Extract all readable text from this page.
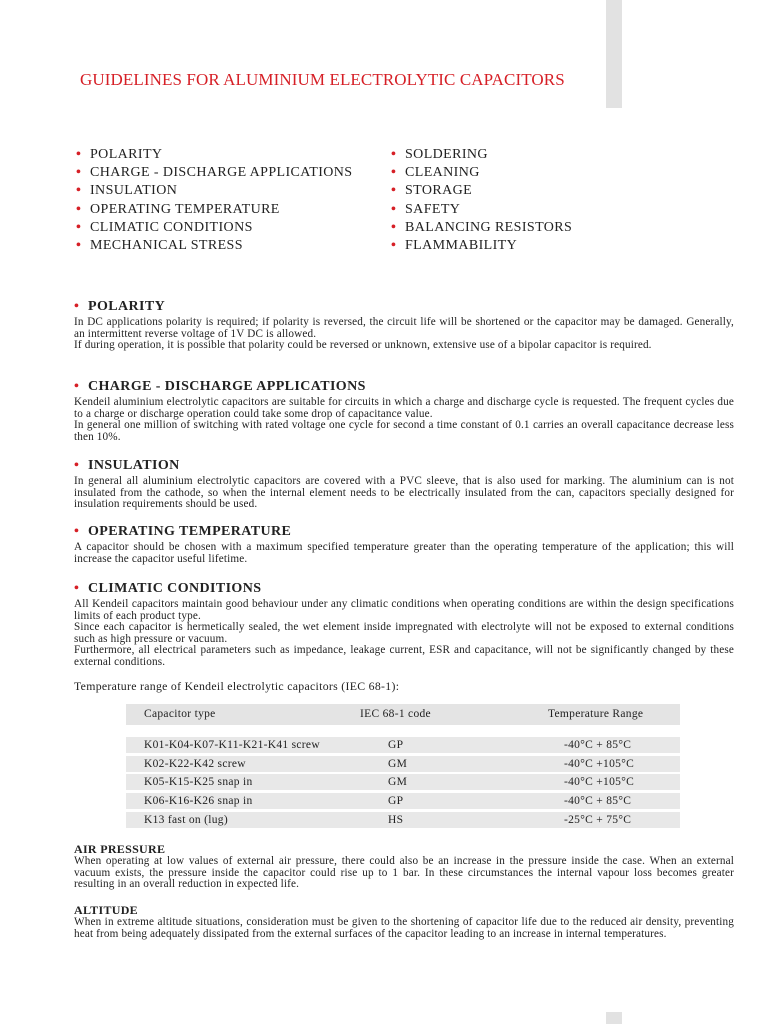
GUIDELINES FOR ALUMINIUM ELECTROLYTIC CAPACITORS
• POLARITY
• CHARGE - DISCHARGE APPLICATIONS
• INSULATION
• OPERATING TEMPERATURE
• CLIMATIC CONDITIONS
• MECHANICAL STRESS
• SOLDERING
• CLEANING
• STORAGE
• SAFETY
• BALANCING RESISTORS
• FLAMMABILITY
• POLARITY

In DC applications polarity is required; if polarity is reversed, the circuit life will be shortened or the capacitor may be damaged. Generally, an intermittent reverse voltage of 1V DC is allowed.

If during operation, it is possible that polarity could be reversed or unknown, extensive use of a bipolar capacitor is required.

• CHARGE - DISCHARGE APPLICATIONS

Kendeil aluminium electrolytic capacitors are suitable for circuits in which a charge and discharge cycle is requested. The frequent cycles due to a charge or discharge operation could take some drop of capacitance value.

In general one million of switching with rated voltage one cycle for second a time constant of 0.1 carries an overall capacitance decrease less then 10%.

• INSULATION

In general all aluminium electrolytic capacitors are covered with a PVC sleeve, that is also used for marking. The aluminium can is not insulated from the cathode, so when the internal element needs to be electrically insulated from the can, capacitors specially designed for insulation requirements should be used.

• OPERATING TEMPERATURE

A capacitor should be chosen with a maximum specified temperature greater than the operating temperature of the application; this will increase the capacitor useful lifetime.

• CLIMATIC CONDITIONS

All Kendeil capacitors maintain good behaviour under any climatic conditions when operating conditions are within the design specifications limits of each product type.

Since each capacitor is hermetically sealed, the wet element inside impregnated with electrolyte will not be exposed to external conditions such as high pressure or vacuum.

Furthermore, all electrical parameters such as impedance, leakage current, ESR and capacitance, will not be significantly changed by these external conditions.

Temperature range of Kendeil electrolytic capacitors (IEC 68-1):

Capacitor type	IEC 68-1 code	Temperature Range
K01-K04-K07-K11-K21-K41 screw	GP	-40°C + 85°C
K02-K22-K42 screw	GM	-40°C +105°C
K05-K15-K25 snap in	GM	-40°C +105°C
K06-K16-K26 snap in	GP	-40°C + 85°C
K13 fast on (lug)	HS	-25°C + 75°C
AIR PRESSURE

When operating at low values of external air pressure, there could also be an increase in the pressure inside the case. When an external vacuum exists, the pressure inside the capacitor could rise up to 1 bar. In these circumstances the internal vapour loss becomes greater resulting in an overall reduction in expected life.

ALTITUDE

When in extreme altitude situations, consideration must be given to the shortening of capacitor life due to the reduced air density, preventing heat from being adequately dissipated from the external surfaces of the capacitor leading to an increase in internal temperatures.
